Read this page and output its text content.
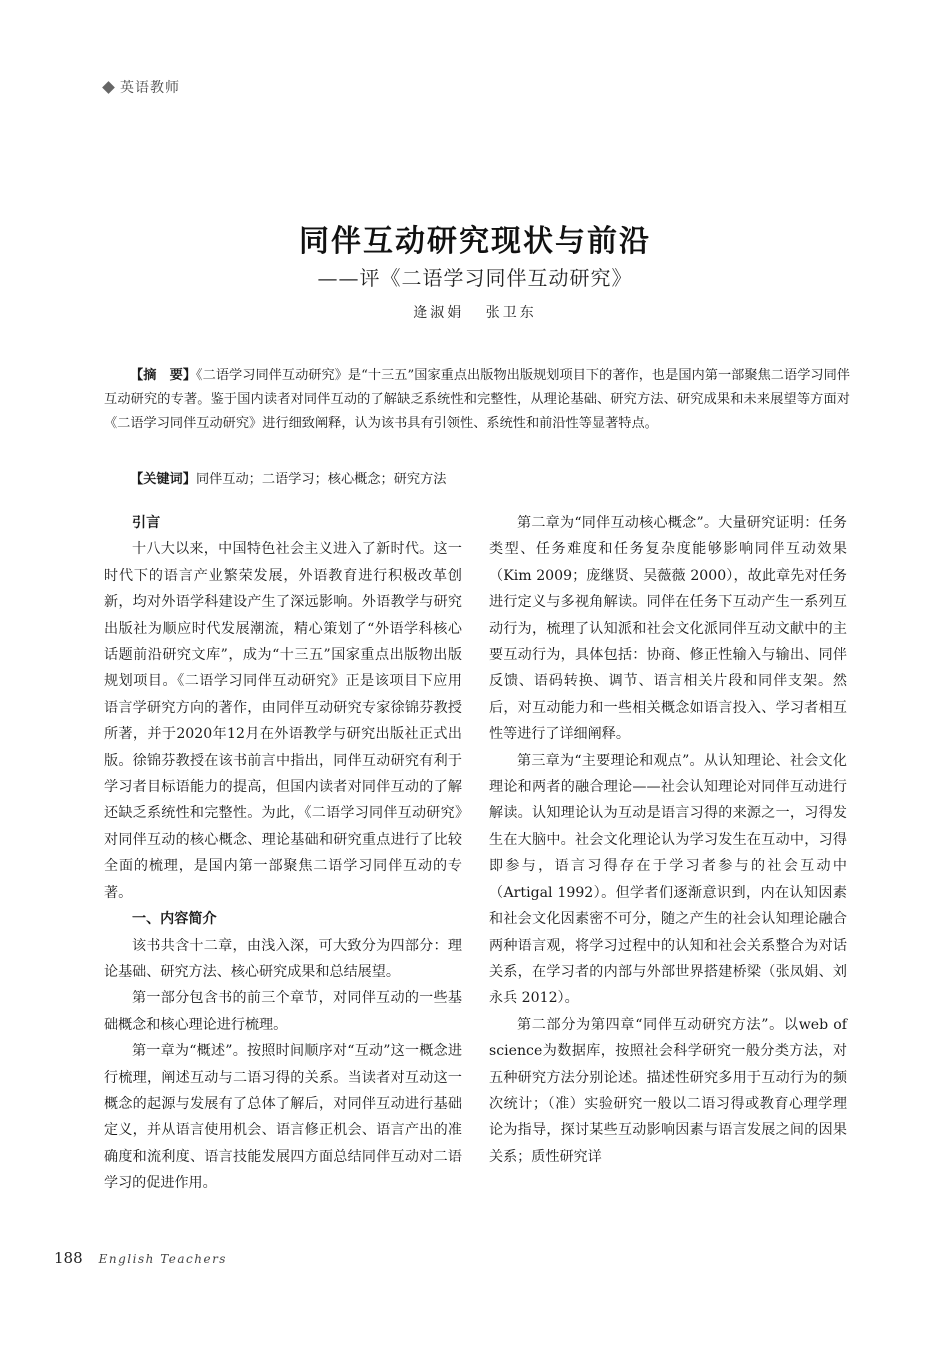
英语教师
同伴互动研究现状与前沿
——评《二语学习同伴互动研究》
逄淑娟 张卫东
【摘　要】《二语学习同伴互动研究》是“十三五”国家重点出版物出版规划项目下的著作，也是国内第一部聚焦二语学习同伴互动研究的专著。鉴于国内读者对同伴互动的了解缺乏系统性和完整性，从理论基础、研究方法、研究成果和未来展望等方面对《二语学习同伴互动研究》进行细致阐释，认为该书具有引领性、系统性和前沿性等显著特点。
【关键词】同伴互动；二语学习；核心概念；研究方法
引言

十八大以来，中国特色社会主义进入了新时代。这一时代下的语言产业繁荣发展，外语教育进行积极改革创新，均对外语学科建设产生了深远影响。外语教学与研究出版社为顺应时代发展潮流，精心策划了“外语学科核心话题前沿研究文库”，成为“十三五”国家重点出版物出版规划项目。《二语学习同伴互动研究》正是该项目下应用语言学研究方向的著作，由同伴互动研究专家徐锦芬教授所著，并于2020年12月在外语教学与研究出版社正式出版。徐锦芬教授在该书前言中指出，同伴互动研究有利于学习者目标语能力的提高，但国内读者对同伴互动的了解还缺乏系统性和完整性。为此，《二语学习同伴互动研究》对同伴互动的核心概念、理论基础和研究重点进行了比较全面的梳理，是国内第一部聚焦二语学习同伴互动的专著。

一、内容简介

该书共含十二章，由浅入深，可大致分为四部分：理论基础、研究方法、核心研究成果和总结展望。

第一部分包含书的前三个章节，对同伴互动的一些基础概念和核心理论进行梳理。

第一章为“概述”。按照时间顺序对“互动”这一概念进行梳理，阐述互动与二语习得的关系。当读者对互动这一概念的起源与发展有了总体了解后，对同伴互动进行基础定义，并从语言使用机会、语言修正机会、语言产出的准确度和流利度、语言技能发展四方面总结同伴互动对二语学习的促进作用。

第二章为“同伴互动核心概念”。大量研究证明：任务类型、任务难度和任务复杂度能够影响同伴互动效果（Kim 2009；庞继贤、吴薇薇 2000），故此章先对任务进行定义与多视角解读。同伴在任务下互动产生一系列互动行为，梳理了认知派和社会文化派同伴互动文献中的主要互动行为，具体包括：协商、修正性输入与输出、同伴反馈、语码转换、调节、语言相关片段和同伴支架。然后，对互动能力和一些相关概念如语言投入、学习者相互性等进行了详细阐释。

第三章为“主要理论和观点”。从认知理论、社会文化理论和两者的融合理论——社会认知理论对同伴互动进行解读。认知理论认为互动是语言习得的来源之一，习得发生在大脑中。社会文化理论认为学习发生在互动中，习得即参与，语言习得存在于学习者参与的社会互动中（Artigal 1992）。但学者们逐渐意识到，内在认知因素和社会文化因素密不可分，随之产生的社会认知理论融合两种语言观，将学习过程中的认知和社会关系整合为对话关系，在学习者的内部与外部世界搭建桥梁（张凤娟、刘永兵 2012）。

第二部分为第四章“同伴互动研究方法”。以web of science为数据库，按照社会科学研究一般分类方法，对五种研究方法分别论述。描述性研究多用于互动行为的频次统计；（准）实验研究一般以二语习得或教育心理学理论为指导，探讨某些互动影响因素与语言发展之间的因果关系；质性研究详

188 English Teachers
